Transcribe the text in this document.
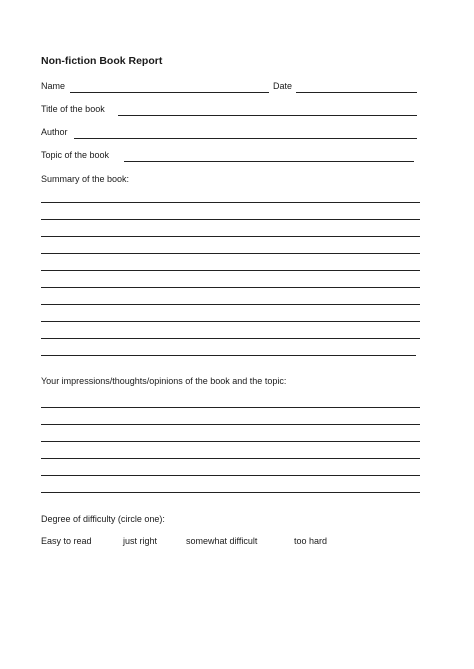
Non-fiction Book Report
Name	Date
Title of the book
Author
Topic of the book
Summary of the book:
Your impressions/thoughts/opinions of the book and the topic:
Degree of difficulty (circle one):
Easy to read	just right	somewhat difficult	too hard
